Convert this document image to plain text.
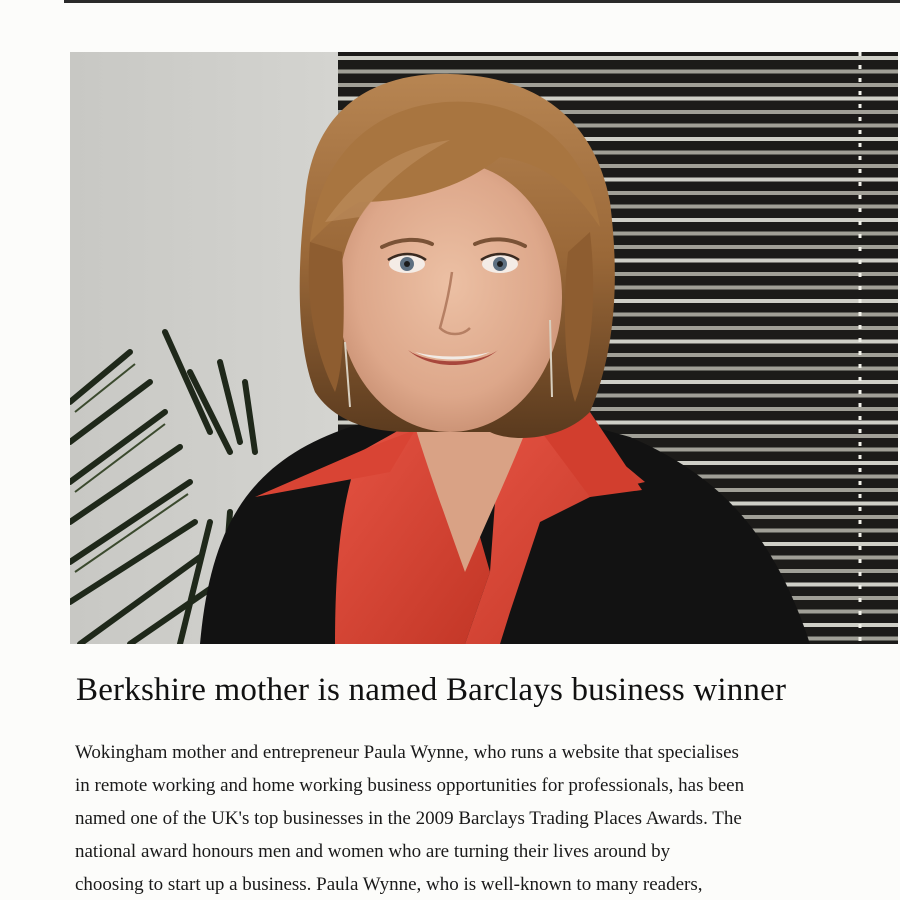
Berkshire mother is named Barclays business winner
Wokingham mother and entrepreneur Paula Wynne, who runs a website that specialises
in remote working and home working business opportunities for professionals, has been
named one of the UK's top businesses in the 2009 Barclays Trading Places Awards. The
national award honours men and women who are turning their lives around by
choosing to start up a business. Paula Wynne, who is well-known to many readers,
